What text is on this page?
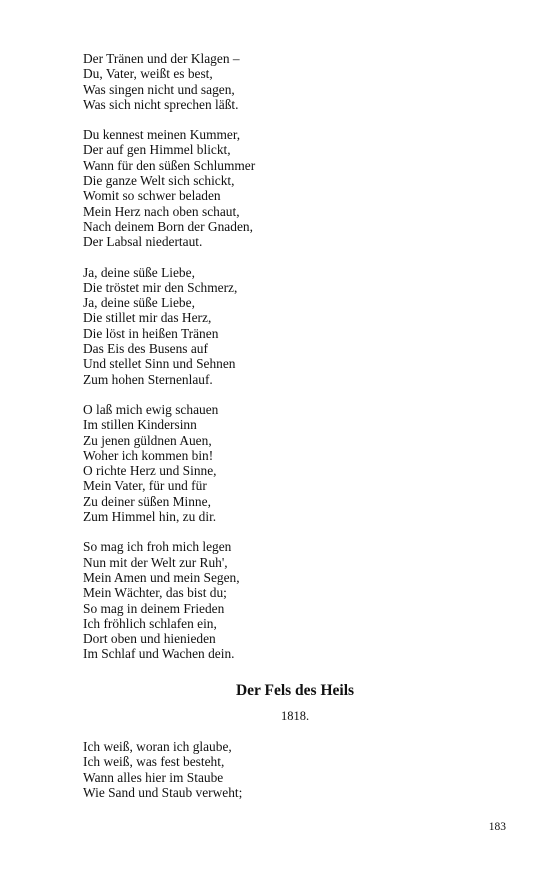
Der Tränen und der Klagen –
Du, Vater, weißt es best,
Was singen nicht und sagen,
Was sich nicht sprechen läßt.
Du kennest meinen Kummer,
Der auf gen Himmel blickt,
Wann für den süßen Schlummer
Die ganze Welt sich schickt,
Womit so schwer beladen
Mein Herz nach oben schaut,
Nach deinem Born der Gnaden,
Der Labsal niedertaut.
Ja, deine süße Liebe,
Die tröstet mir den Schmerz,
Ja, deine süße Liebe,
Die stillet mir das Herz,
Die löst in heißen Tränen
Das Eis des Busens auf
Und stellet Sinn und Sehnen
Zum hohen Sternenlauf.
O laß mich ewig schauen
Im stillen Kindersinn
Zu jenen güldnen Auen,
Woher ich kommen bin!
O richte Herz und Sinne,
Mein Vater, für und für
Zu deiner süßen Minne,
Zum Himmel hin, zu dir.
So mag ich froh mich legen
Nun mit der Welt zur Ruh',
Mein Amen und mein Segen,
Mein Wächter, das bist du;
So mag in deinem Frieden
Ich fröhlich schlafen ein,
Dort oben und hienieden
Im Schlaf und Wachen dein.
Der Fels des Heils
1818.
Ich weiß, woran ich glaube,
Ich weiß, was fest besteht,
Wann alles hier im Staube
Wie Sand und Staub verweht;
183
